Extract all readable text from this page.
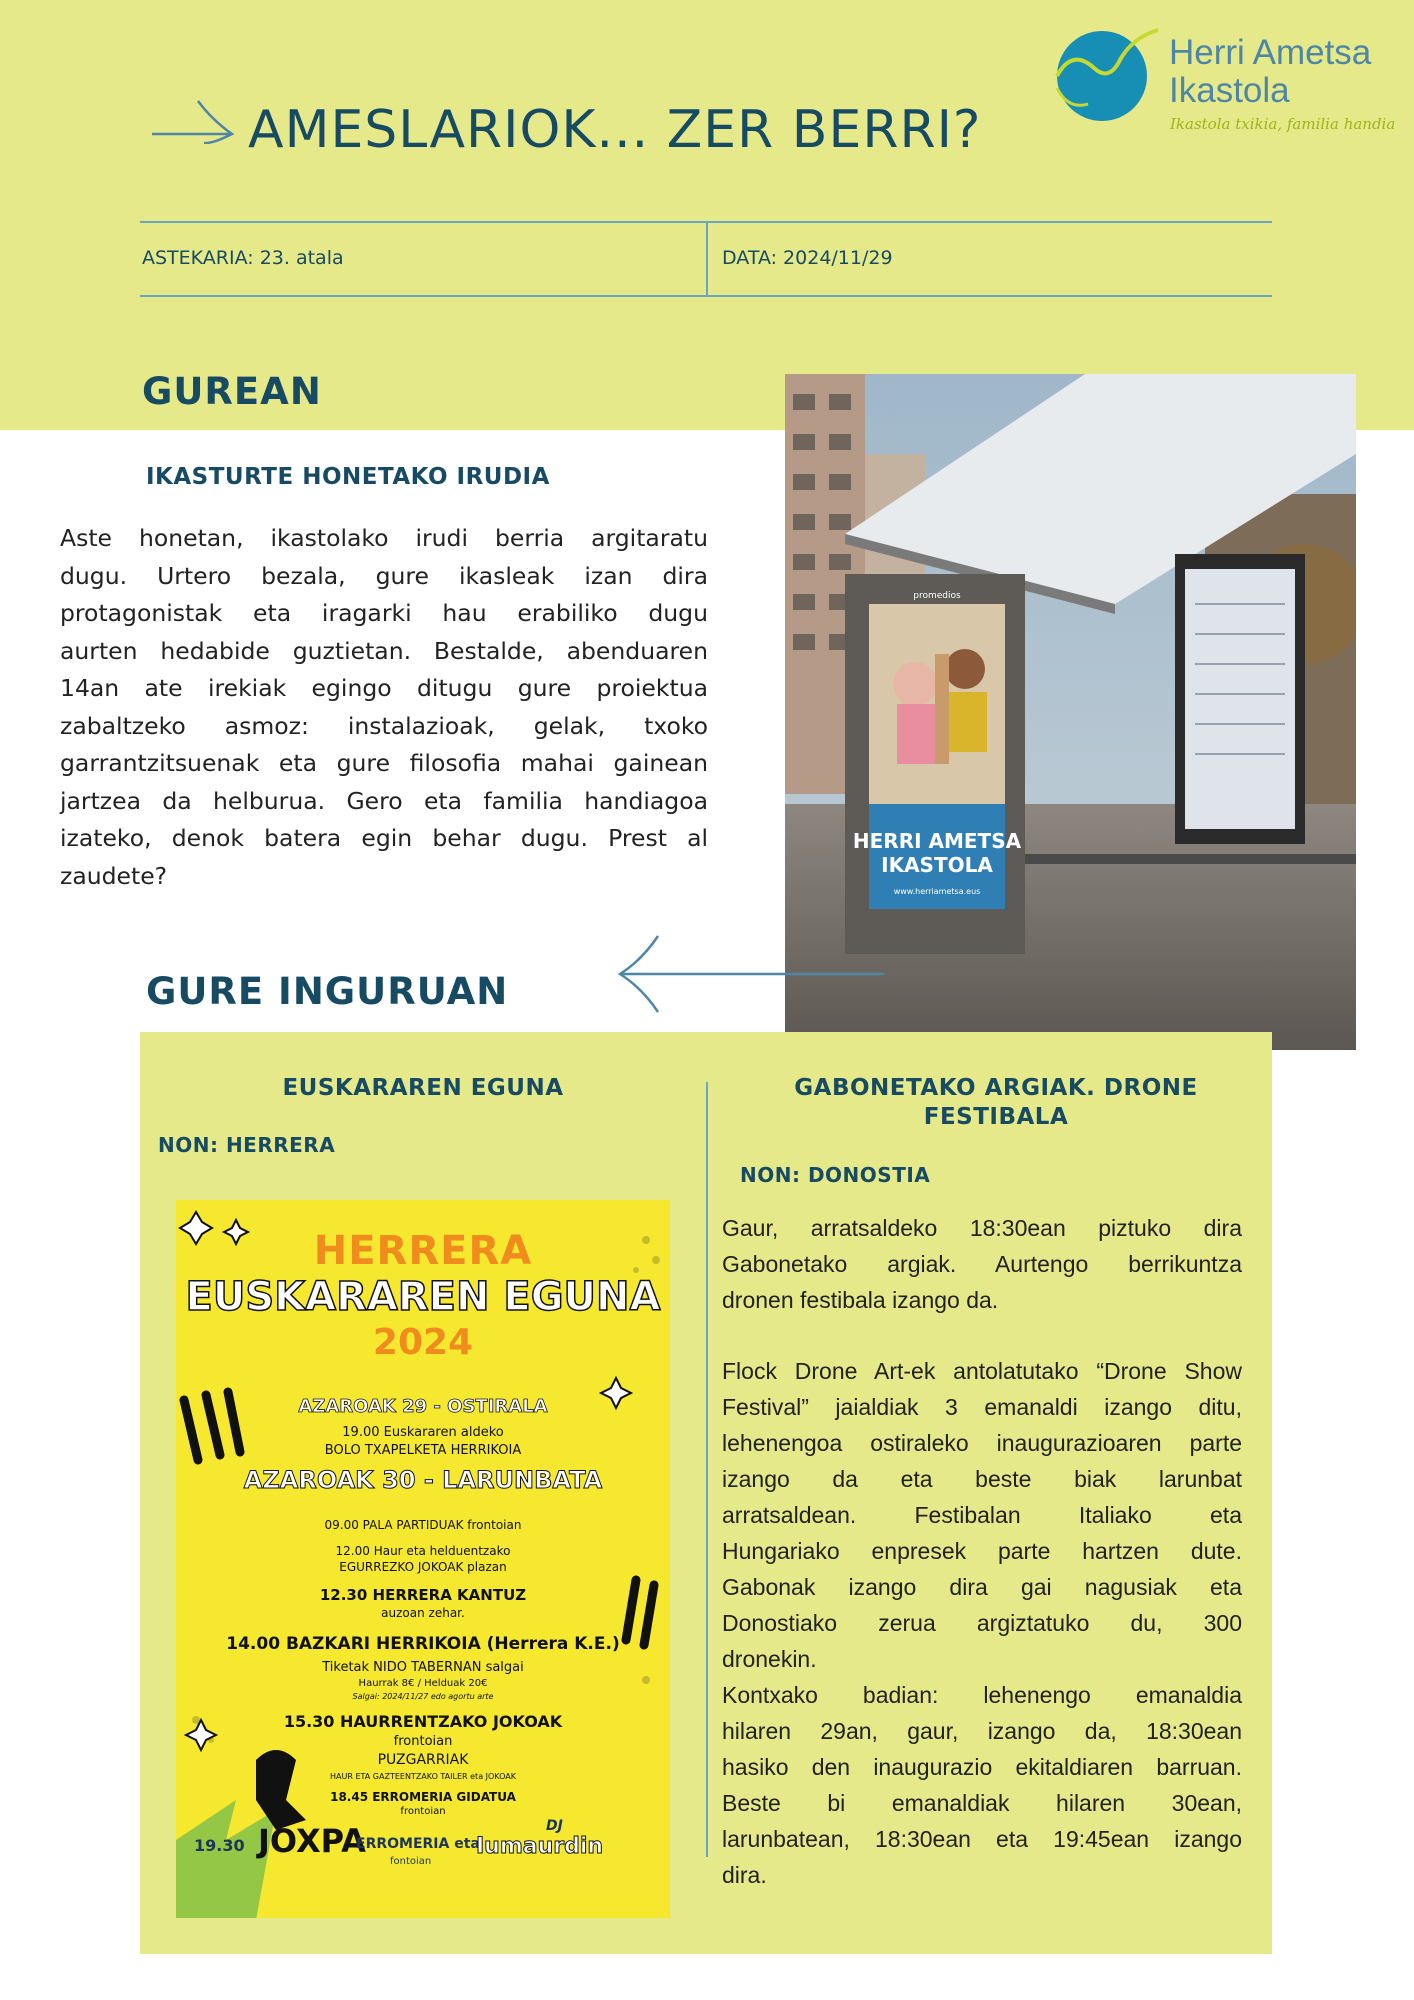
AMESLARIOK... ZER BERRI?
Herri Ametsa
Ikastola
Ikastola txikia, familia handia
ASTEKARIA: 23. atala	DATA: 2024/11/29
GUREAN
IKASTURTE HONETAKO IRUDIA
Aste honetan, ikastolako irudi berria argitaratu
dugu. Urtero bezala, gure ikasleak izan dira
protagonistak eta iragarki hau erabiliko dugu
aurten hedabide guztietan. Bestalde, abenduaren
14an ate irekiak egingo ditugu gure proiektua
zabaltzeko asmoz: instalazioak, gelak, txoko
garrantzitsuenak eta gure filosofia mahai gainean
jartzea da helburua. Gero eta familia handiagoa
izateko, denok batera egin behar dugu. Prest al
zaudete?
HERRI AMETSA
IKASTOLA
www.herriametsa.eus
promedios
GURE INGURUAN
EUSKARAREN EGUNA
NON: HERRERA
HERRERA
EUSKARAREN EGUNA
2024
AZAROAK 29 - OSTIRALA
19.00 Euskararen aldeko
BOLO TXAPELKETA HERRIKOIA
AZAROAK 30 - LARUNBATA
09.00 PALA PARTIDUAK frontoian
12.00 Haur eta helduentzako
EGURREZKO JOKOAK plazan
12.30 HERRERA KANTUZ
auzoan zehar.
14.00 BAZKARI HERRIKOIA (Herrera K.E.)
Tiketak NIDO TABERNAN salgai
Haurrak 8€ / Helduak 20€
Salgai: 2024/11/27 edo agortu arte
15.30 HAURRENTZAKO JOKOAK
frontoian
PUZGARRIAK
HAUR ETA GAZTEENTZAKO TAILER eta JOKOAK
18.45 ERROMERIA GIDATUA
frontoian
19.30 JOXPA
ERROMERIA eta
fontoian
DJ
Iumaurdin
GABONETAKO ARGIAK. DRONE
FESTIBALA
NON: DONOSTIA
Gaur, arratsaldeko 18:30ean piztuko dira
Gabonetako argiak. Aurtengo berrikuntza
dronen festibala izango da.
Flock Drone Art-ek antolatutako “Drone Show
Festival” jaialdiak 3 emanaldi izango ditu,
lehenengoa ostiraleko inaugurazioaren parte
izango da eta beste biak larunbat
arratsaldean. Festibalan Italiako eta
Hungariako enpresek parte hartzen dute.
Gabonak izango dira gai nagusiak eta
Donostiako zerua argiztatuko du, 300
dronekin.
Kontxako badian: lehenengo emanaldia
hilaren 29an, gaur, izango da, 18:30ean
hasiko den inaugurazio ekitaldiaren barruan.
Beste bi emanaldiak hilaren 30ean,
larunbatean, 18:30ean eta 19:45ean izango
dira.
